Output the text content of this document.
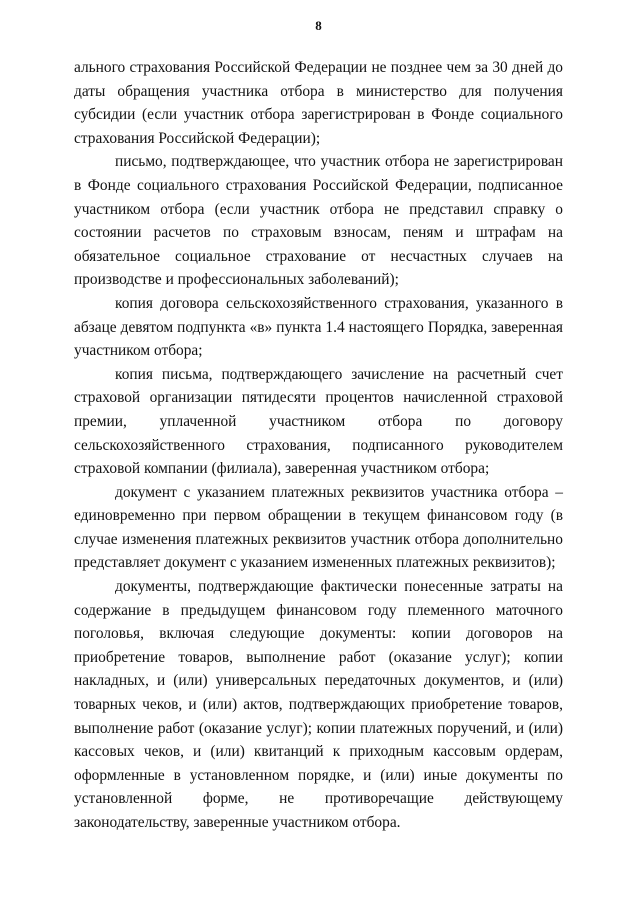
8

ального страхования Российской Федерации не позднее чем за 30 дней до даты обращения участника отбора в министерство для получения субсидии (если участник отбора зарегистрирован в Фонде социального страхования Российской Федерации);

письмо, подтверждающее, что участник отбора не зарегистрирован в Фонде социального страхования Российской Федерации, подписанное участником отбора (если участник отбора не представил справку о состоянии расчетов по страховым взносам, пеням и штрафам на обязательное социальное страхование от несчастных случаев на производстве и профессиональных заболеваний);

копия договора сельскохозяйственного страхования, указанного в абзаце девятом подпункта «в» пункта 1.4 настоящего Порядка, заверенная участником отбора;

копия письма, подтверждающего зачисление на расчетный счет страховой организации пятидесяти процентов начисленной страховой премии, уплаченной участником отбора по договору сельскохозяйственного страхования, подписанного руководителем страховой компании (филиала), заверенная участником отбора;

документ с указанием платежных реквизитов участника отбора – единовременно при первом обращении в текущем финансовом году (в случае изменения платежных реквизитов участник отбора дополнительно представляет документ с указанием измененных платежных реквизитов);

документы, подтверждающие фактически понесенные затраты на содержание в предыдущем финансовом году племенного маточного поголовья, включая следующие документы: копии договоров на приобретение товаров, выполнение работ (оказание услуг); копии накладных, и (или) универсальных передаточных документов, и (или) товарных чеков, и (или) актов, подтверждающих приобретение товаров, выполнение работ (оказание услуг); копии платежных поручений, и (или) кассовых чеков, и (или) квитанций к приходным кассовым ордерам, оформленные в установленном порядке, и (или) иные документы по установленной форме, не противоречащие действующему законодательству, заверенные участником отбора.
